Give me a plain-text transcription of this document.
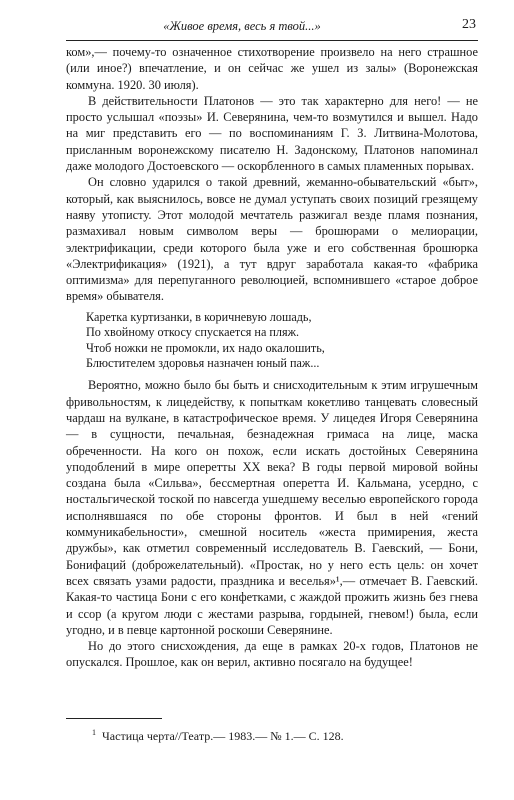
«Живое время, весь я твой...»	23

ком»,— почему-то означенное стихотворение произвело на него страшное (или иное?) впечатление, и он сейчас же ушел из залы» (Воронежская коммуна. 1920. 30 июля).

В действительности Платонов — это так характерно для него! — не просто услышал «поэзы» И. Северянина, чем-то возмутился и вышел. Надо на миг представить его — по воспоминаниям Г. З. Литвина-Молотова, присланным воронежскому писателю Н. Задонскому, Платонов напоминал даже молодого Достоевского — оскорбленного в самых пламенных порывах.

Он словно ударился о такой древний, жеманно-обывательский «быт», который, как выяснилось, вовсе не думал уступать своих позиций грезящему наяву утописту. Этот молодой мечтатель разжигал везде пламя познания, размахивал новым символом веры — брошюрами о мелиорации, электрификации, среди которого была уже и его собственная брошюрка «Электрификация» (1921), а тут вдруг заработала какая-то «фабрика оптимизма» для перепуганного революцией, вспомнившего «старое доброе время» обывателя.

Каретка куртизанки, в коричневую лошадь,
По хвойному откосу спускается на пляж.
Чтоб ножки не промокли, их надо окалошить,
Блюстителем здоровья назначен юный паж...

Вероятно, можно было бы быть и снисходительным к этим игрушечным фривольностям, к лицедейству, к попыткам кокетливо танцевать словесный чардаш на вулкане, в катастрофическое время. У лицедея Игоря Северянина — в сущности, печальная, безнадежная гримаса на лице, маска обреченности. На кого он похож, если искать достойных Северянина уподоблений в мире оперетты XX века? В годы первой мировой войны создана была «Сильва», бессмертная оперетта И. Кальмана, усердно, с ностальгической тоской по навсегда ушедшему веселью европейского города исполнявшаяся по обе стороны фронтов. И был в ней «гений коммуникабельности», смешной носитель «жеста примирения, жеста дружбы», как отметил современный исследователь В. Гаевский, — Бони, Бонифаций (доброжелательный). «Простак, но у него есть цель: он хочет всех связать узами радости, праздника и веселья»¹,— отмечает В. Гаевский. Какая-то частица Бони с его конфетками, с жаждой прожить жизнь без гнева и ссор (а кругом люди с жестами разрыва, гордыней, гневом!) была, если угодно, и в певце картонной роскоши Северянине.

Но до этого снисхождения, да еще в рамках 20-х годов, Платонов не опускался. Прошлое, как он верил, активно посягало на будущее!

$^1$ Частица черта//Театр.— 1983.— № 1.— С. 128.
